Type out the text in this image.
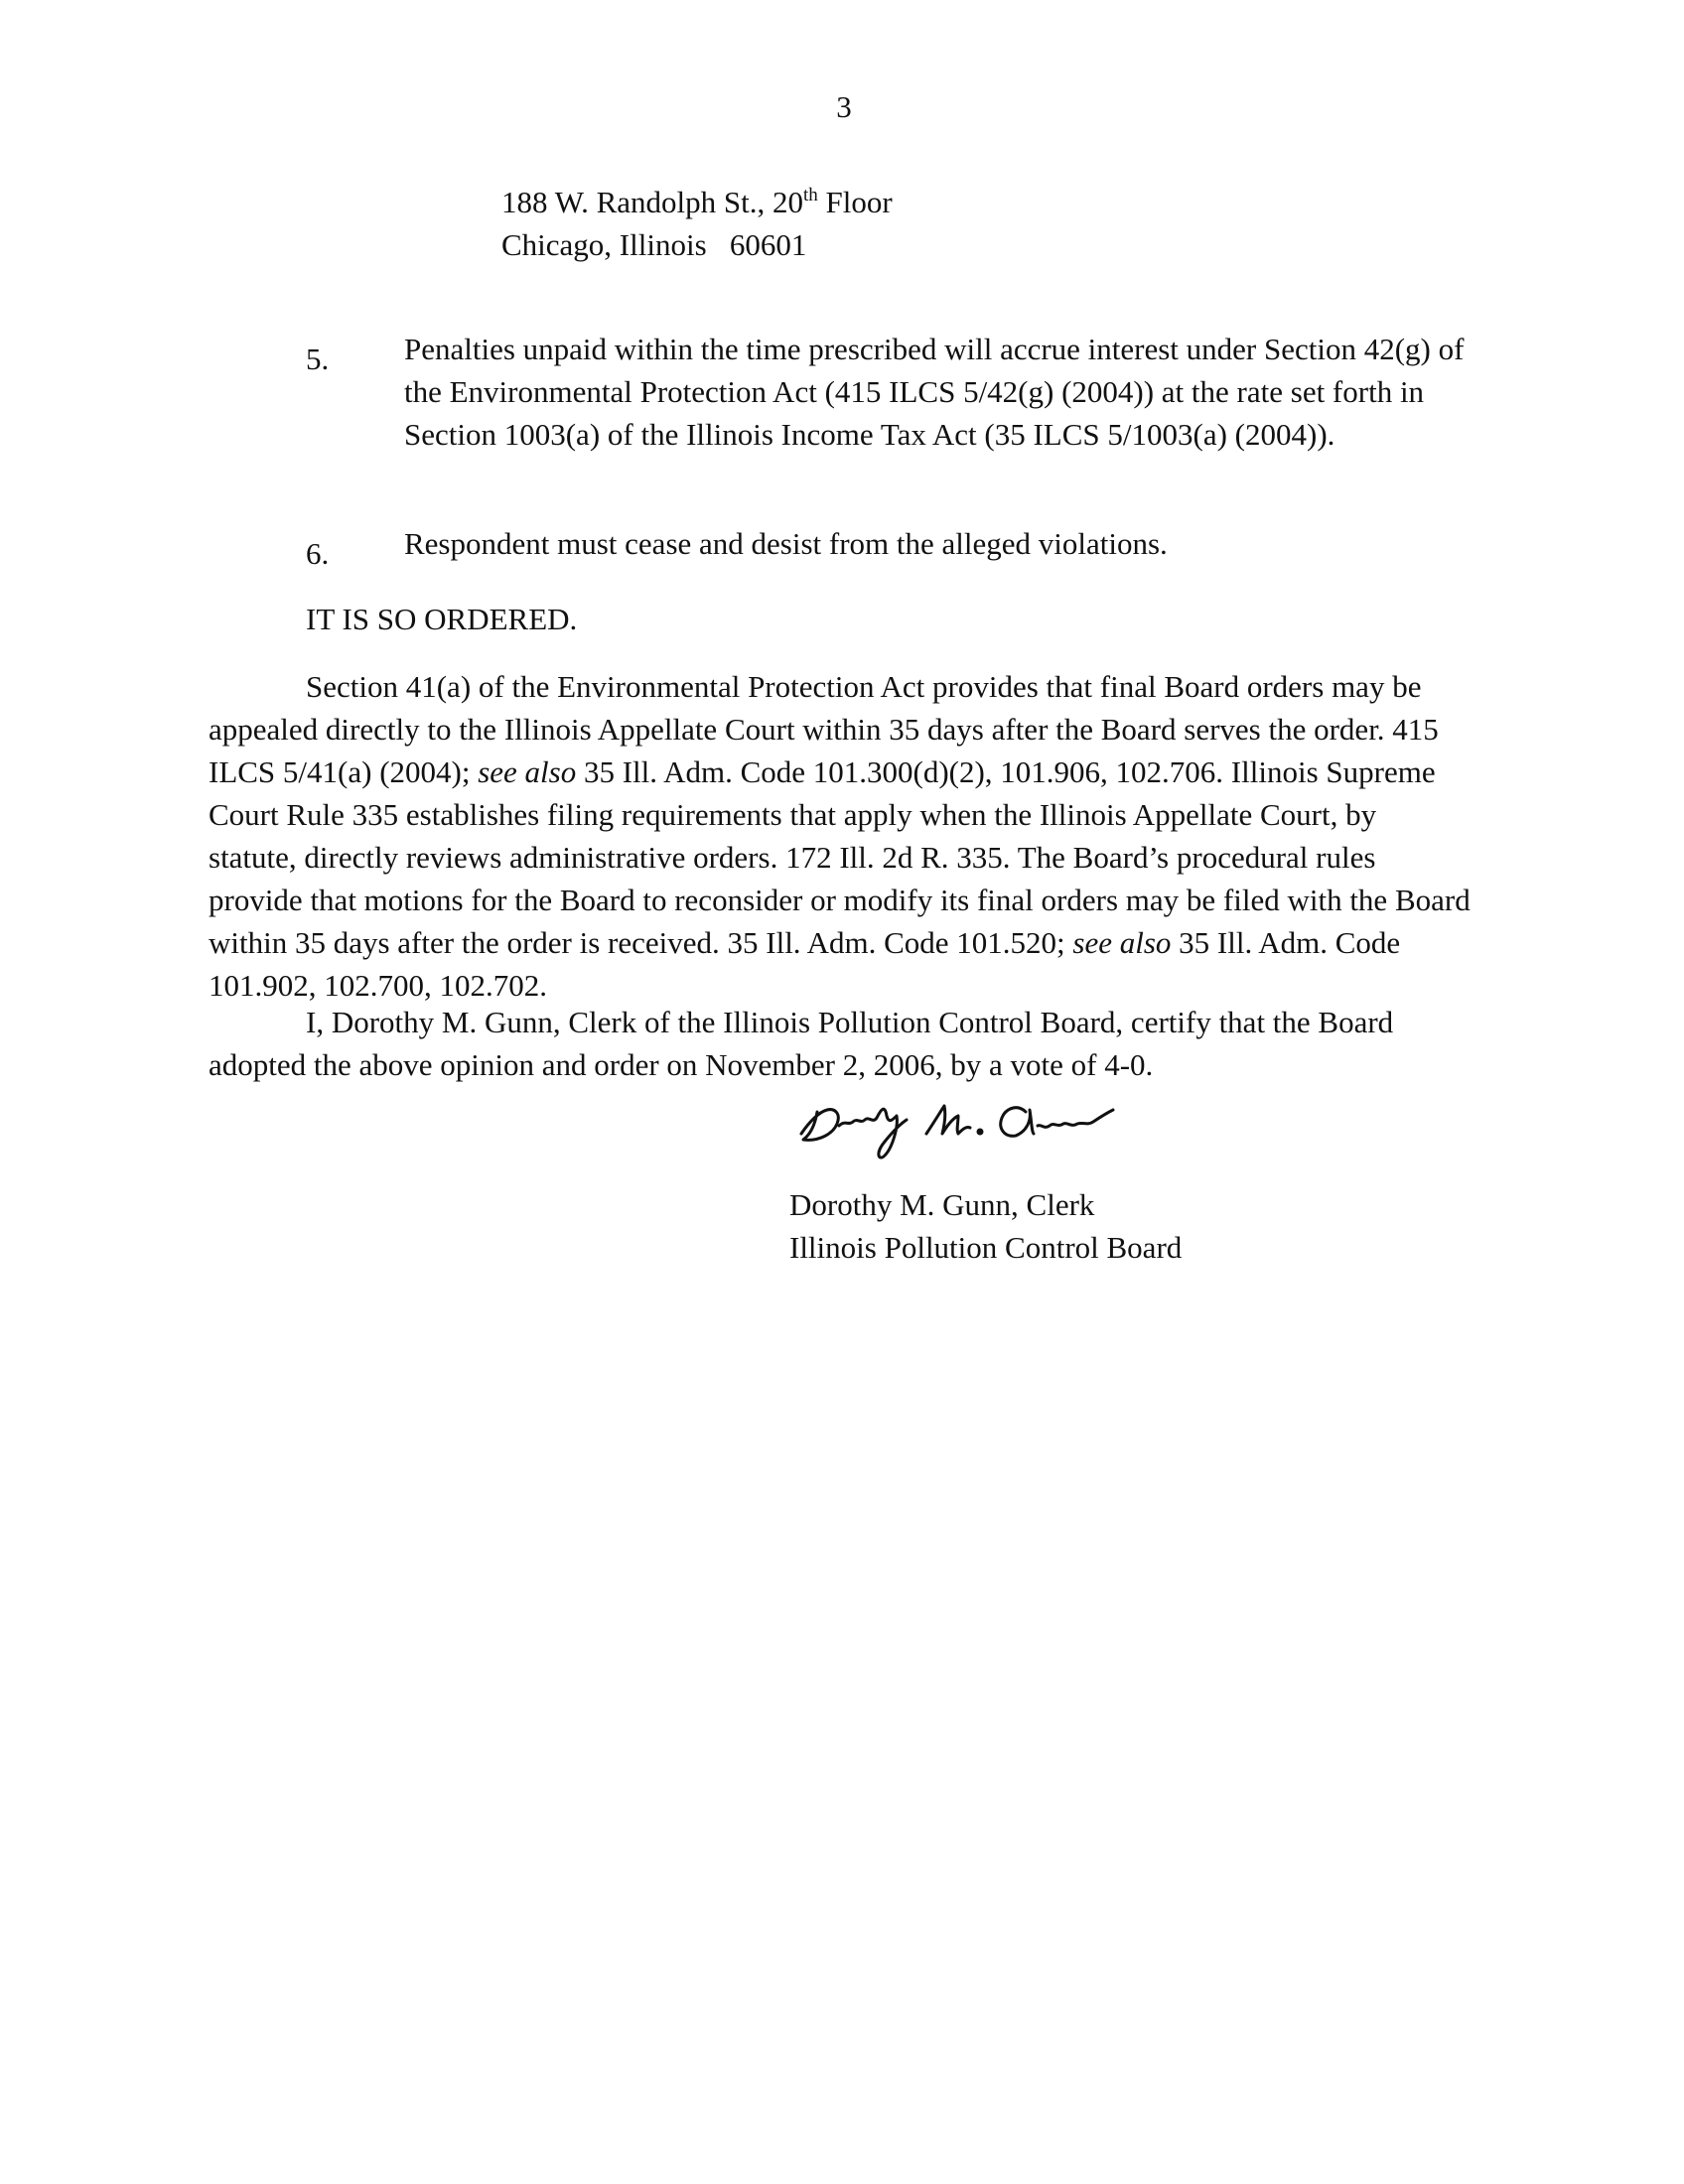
3
188 W. Randolph St., 20th Floor
Chicago, Illinois   60601
5. Penalties unpaid within the time prescribed will accrue interest under Section 42(g) of the Environmental Protection Act (415 ILCS 5/42(g) (2004)) at the rate set forth in Section 1003(a) of the Illinois Income Tax Act (35 ILCS 5/1003(a) (2004)).
6. Respondent must cease and desist from the alleged violations.
IT IS SO ORDERED.
Section 41(a) of the Environmental Protection Act provides that final Board orders may be appealed directly to the Illinois Appellate Court within 35 days after the Board serves the order. 415 ILCS 5/41(a) (2004); see also 35 Ill. Adm. Code 101.300(d)(2), 101.906, 102.706. Illinois Supreme Court Rule 335 establishes filing requirements that apply when the Illinois Appellate Court, by statute, directly reviews administrative orders. 172 Ill. 2d R. 335. The Board’s procedural rules provide that motions for the Board to reconsider or modify its final orders may be filed with the Board within 35 days after the order is received. 35 Ill. Adm. Code 101.520; see also 35 Ill. Adm. Code 101.902, 102.700, 102.702.
I, Dorothy M. Gunn, Clerk of the Illinois Pollution Control Board, certify that the Board adopted the above opinion and order on November 2, 2006, by a vote of 4-0.
Dorothy M. Gunn, Clerk
Illinois Pollution Control Board
